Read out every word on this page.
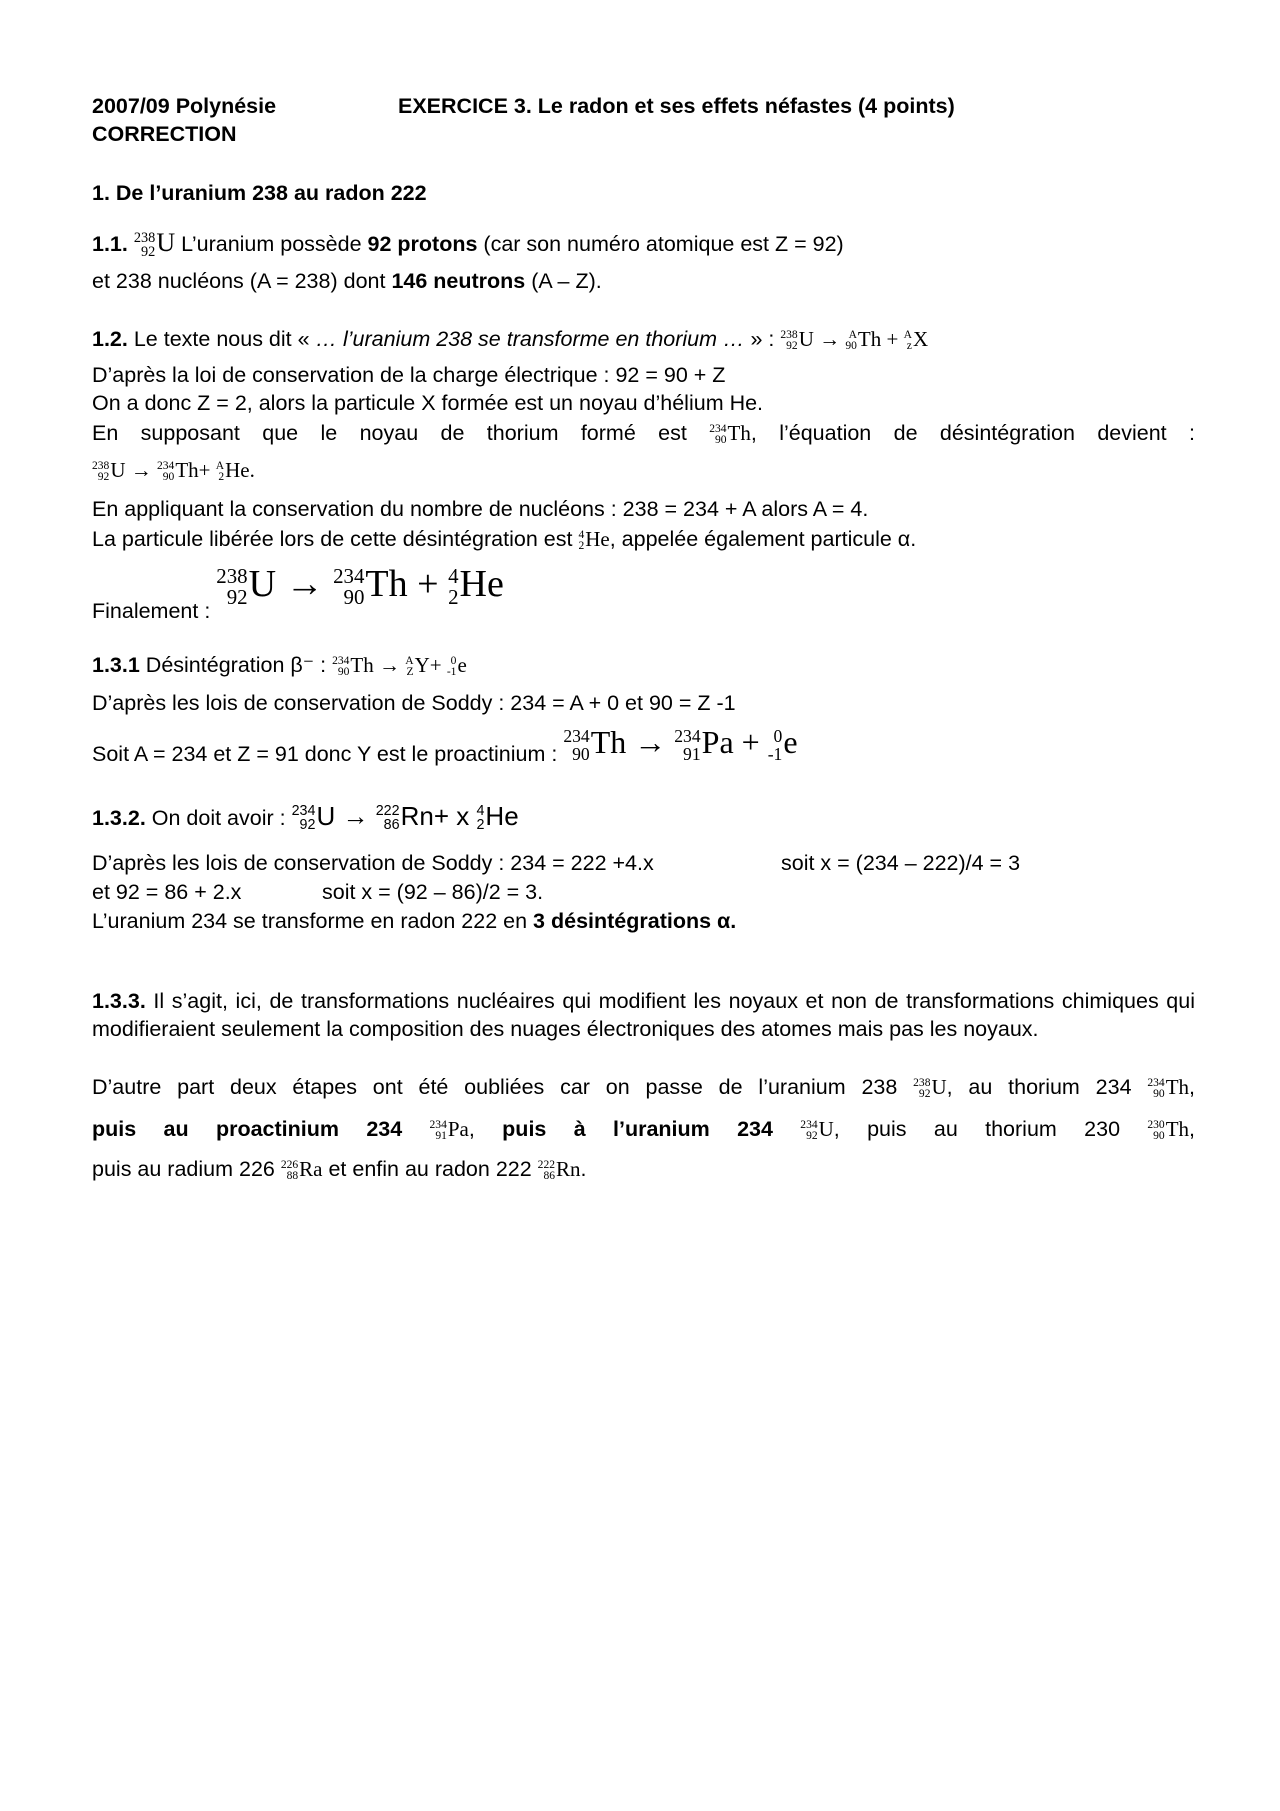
2007/09 Polynésie
CORRECTION
EXERCICE 3. Le radon et ses effets néfastes (4 points)
1. De l’uranium 238 au radon 222
1.1. 238
92 U L’uranium possède 92 protons (car son numéro atomique est Z = 92)
et 238 nucléons (A = 238) dont 146 neutrons (A – Z).
1.2. Le texte nous dit « … l’uranium 238 se transforme en thorium … » : 238
92 U → A
90 Th + A
z X
D’après la loi de conservation de la charge électrique : 92 = 90 + Z
On a donc Z = 2, alors la particule X formée est un noyau d’hélium He.
En supposant que le noyau de thorium formé est 234
90 Th, l’équation de désintégration devient :
238
92 U → 234
90 Th+ A
2 He.
En appliquant la conservation du nombre de nucléons : 238 = 234 + A alors A = 4.
La particule libérée lors de cette désintégration est 4
2 He, appelée également particule α.
Finalement :
238
92 U → 234
90 Th + 4
2 He
1.3.1 Désintégration β⁻ : 234
90 Th → A
Z Y+ 0
-1 e
D’après les lois de conservation de Soddy : 234 = A + 0 et 90 = Z -1
Soit A = 234 et Z = 91 donc Y est le proactinium :
234
90 Th → 234
91 Pa + 0
-1 e
1.3.2. On doit avoir : 234
92 U → 222
86 Rn+ x 4
2 He
D’après les lois de conservation de Soddy : 234 = 222 +4.x	soit x = (234 – 222)/4 = 3
et 92 = 86 + 2.x	soit x = (92 – 86)/2 = 3.
L’uranium 234 se transforme en radon 222 en 3 désintégrations α.
1.3.3. Il s’agit, ici, de transformations nucléaires qui modifient les noyaux et non de transformations chimiques qui modifieraient seulement la composition des nuages électroniques des atomes mais pas les noyaux.
D’autre part deux étapes ont été oubliées car on passe de l’uranium 238 238
92 U, au thorium 234 234
90 Th,
puis au proactinium 234 234
91 Pa, puis à l’uranium 234 234
92 U, puis au thorium 230 230
90 Th,
puis au radium 226 226
88 Ra et enfin au radon 222 222
86 Rn.
